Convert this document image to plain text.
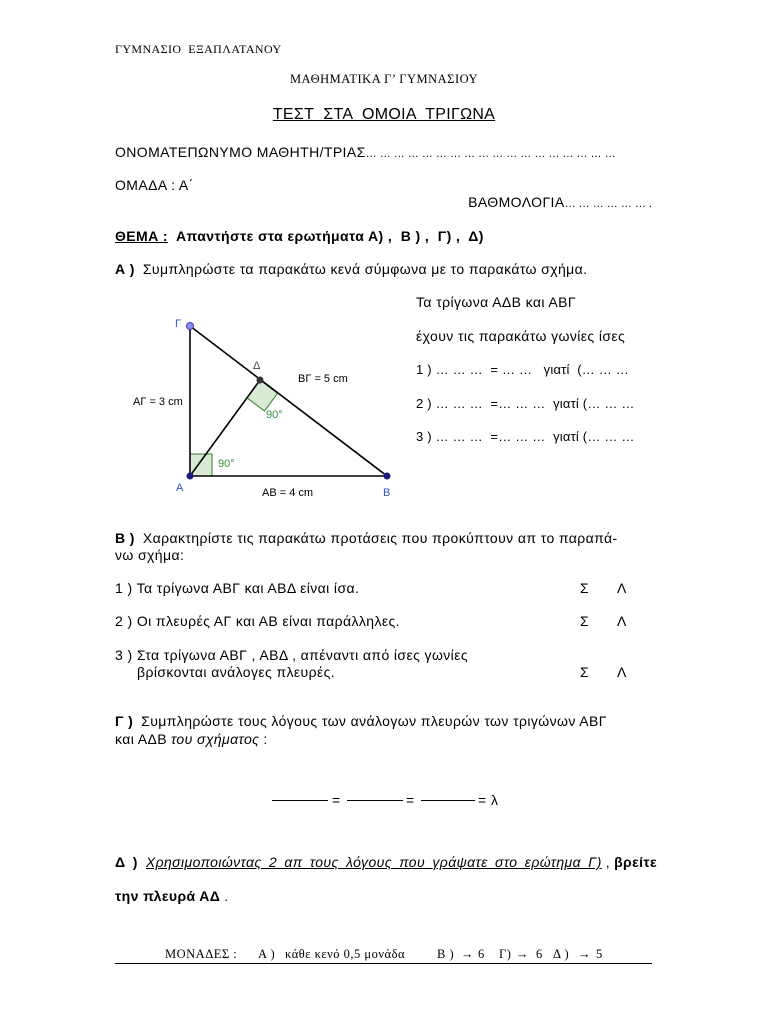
ΓΥΜΝΑΣΙΟ  ΕΞΑΠΛΑΤΑΝΟΥ
ΜΑΘΗΜΑΤΙΚΑ Γ’ ΓΥΜΝΑΣΙΟΥ
ΤΕΣΤ  ΣΤΑ  ΟΜΟΙΑ  ΤΡΙΓΩΝΑ
ΟΝΟΜΑΤΕΠΩΝΥΜΟ ΜΑΘΗΤΗ/ΤΡΙΑΣ… … … … … … … … … … … … … … … … … …
ΟΜΑΔΑ : Α΄
ΒΑΘΜΟΛΟΓΙΑ… … … … … … .
ΘΕΜΑ : Απαντήστε στα ερωτήματα Α) ,  Β ) ,  Γ) ,  Δ)
Α ) Συμπληρώστε τα παρακάτω κενά σύμφωνα με το παρακάτω σχήμα.
Τα τρίγωνα ΑΔΒ και ΑΒΓ
έχουν τις παρακάτω γωνίες ίσες
1 ) … … …  = … …   γιατί  (… … …
2 ) … … …  =… … …  γιατί (… … …
3 ) … … …  =… … …  γιατί (… … …
Γ
Α	Β
Δ
ΒΓ = 5 cm
ΑΓ = 3 cm
ΑΒ = 4 cm
90°
90°
Β ) Χαρακτηρίστε τις παρακάτω προτάσεις που προκύπτουν απ το παραπά-
νω σχήμα:
1 ) Τα τρίγωνα ΑΒΓ και ΑΒΔ είναι ίσα.	Σ Λ
2 ) Οι πλευρές ΑΓ και ΑΒ είναι παράλληλες.	Σ Λ
3 ) Στα τρίγωνα ΑΒΓ , ΑΒΔ , απέναντι από ίσες γωνίες
βρίσκονται ανάλογες πλευρές.	Σ Λ
Γ ) Συμπληρώστε τους λόγους των ανάλογων πλευρών των τριγώνων ΑΒΓ
και ΑΔΒ του σχήματος :
=	=	= λ
Δ ) Χρησιμοποιώντας 2 απ τους λόγους που γράψατε στο ερώτημα Γ) , βρείτε
την πλευρά ΑΔ .
ΜΟΝΑΔΕΣ : Α ) κάθε κενό 0,5 μονάδα	Β ) → 6 Γ) → 6 Δ ) → 5
